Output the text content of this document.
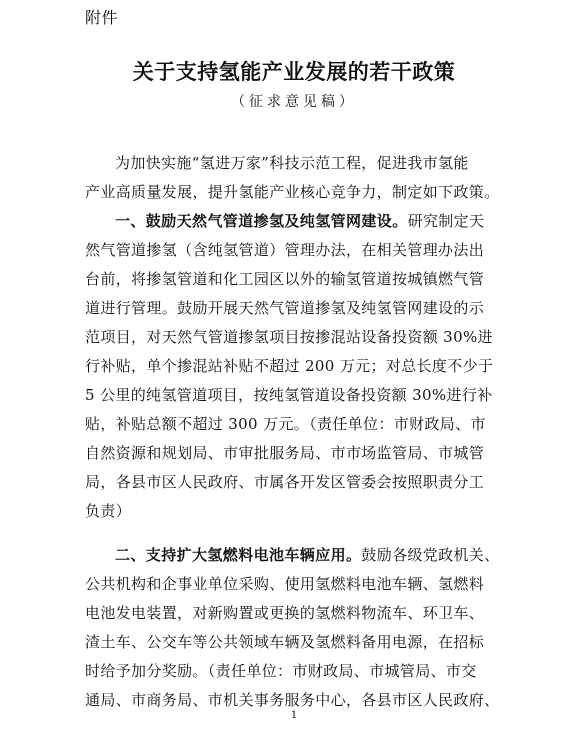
附件
关于支持氢能产业发展的若干政策
（征求意见稿）
为加快实施“氢进万家”科技示范工程，促进我市氢能
产业高质量发展，提升氢能产业核心竞争力，制定如下政策。
一、鼓励天然气管道掺氢及纯氢管网建设。研究制定天
然气管道掺氢（含纯氢管道）管理办法，在相关管理办法出
台前，将掺氢管道和化工园区以外的输氢管道按城镇燃气管
道进行管理。鼓励开展天然气管道掺氢及纯氢管网建设的示
范项目，对天然气管道掺氢项目按掺混站设备投资额 30%进
行补贴，单个掺混站补贴不超过 200 万元；对总长度不少于
5 公里的纯氢管道项目，按纯氢管道设备投资额 30%进行补
贴，补贴总额不超过 300 万元。（责任单位：市财政局、市
自然资源和规划局、市审批服务局、市市场监管局、市城管
局，各县市区人民政府、市属各开发区管委会按照职责分工
负责）
二、支持扩大氢燃料电池车辆应用。鼓励各级党政机关、
公共机构和企事业单位采购、使用氢燃料电池车辆、氢燃料
电池发电装置，对新购置或更换的氢燃料物流车、环卫车、
渣土车、公交车等公共领域车辆及氢燃料备用电源，在招标
时给予加分奖励。（责任单位：市财政局、市城管局、市交
通局、市商务局、市机关事务服务中心，各县市区人民政府、
1
